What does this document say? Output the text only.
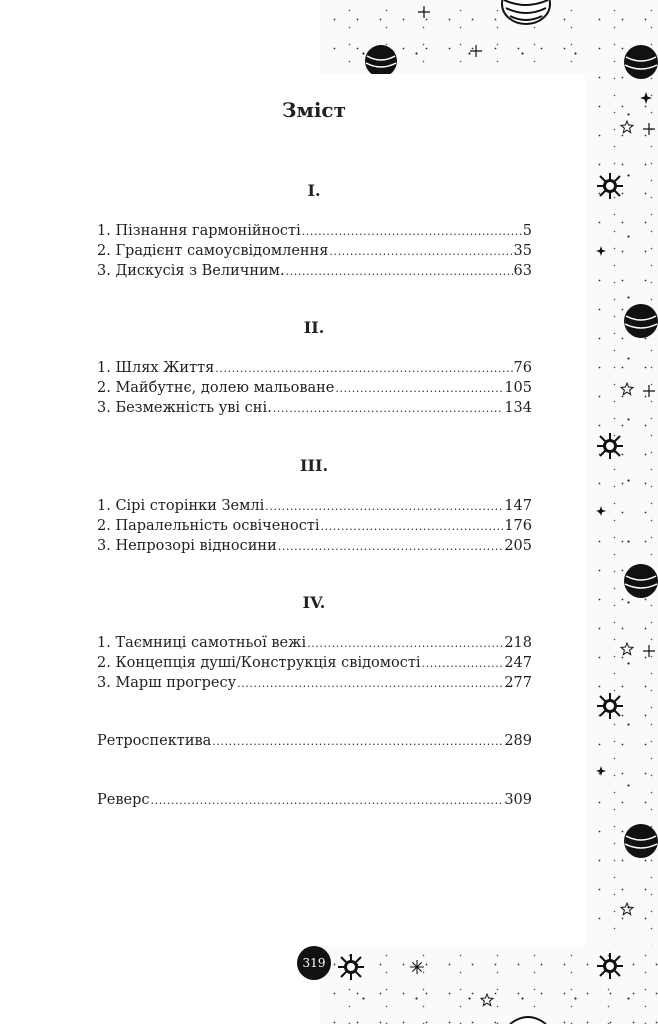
Зміст
I.
1. Пізнання гармонійності .....	5
2. Градієнт самоусвідомлення .....	35
3. Дискусія з Величним. .....	63
II.
1. Шлях Життя .....	76
2. Майбутнє, долею мальоване .....	105
3. Безмежність уві сні. .....	134
III.
1. Сірі сторінки Землі .....	147
2. Паралельність освіченості .....	176
3. Непрозорі відносини .....	205
IV.
1. Таємниці самотньої вежі .....	218
2. Концепція душі/Конструкція свідомості .....	247
3. Марш прогресу .....	277
Ретроспектива .....	289
Реверс .....	309
319
